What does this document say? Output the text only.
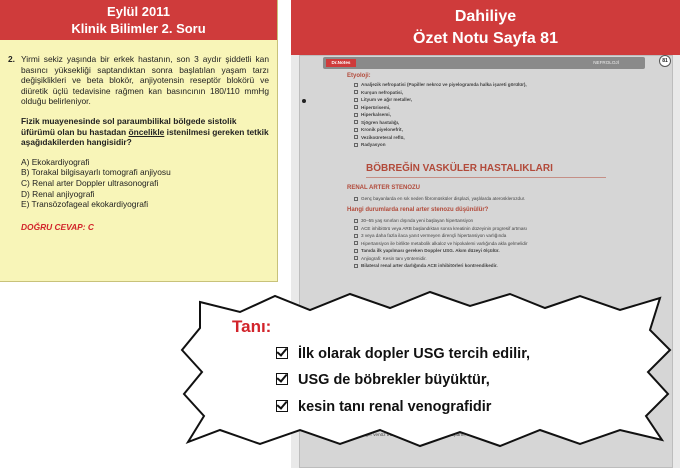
Eylül 2011
Klinik Bilimler 2. Soru
2. Yirmi sekiz yaşında bir erkek hastanın, son 3 aydır şiddetli kan basıncı yüksekliği saptandıktan sonra başlatılan yaşam tarzı değişiklikleri ve beta blokör, anjiyotensin reseptör blokörü ve diüretik üçlü tedavisine rağmen kan basıncının 180/110 mmHg olduğu belirleniyor.
Fizik muayenesinde sol paraumbilikal bölgede sistolik üfürümü olan bu hastadan öncelikle istenilmesi gereken tetkik aşağıdakilerden hangisidir?
A) Ekokardiyografi
B) Torakal bilgisayarlı tomografi anjiyosu
C) Renal arter Doppler ultrasonografi
D) Renal anjiyografi
E) Transözofageal ekokardiyografi
DOĞRU CEVAP: C
Dahiliye
Özet Notu Sayfa 81
Dr.Notes	NEFROLOJİ	81
Etyoloji:
Analjezik nefropatisi (Papiller nekroz ve piyelogramda halka işareti görülür),
Kurşun nefropatisi,
Lityum ve ağır metaller,
Hiperürisemi,
Hiperkalsemi,
Sjögren hastalığı,
Kronik piyelonefrit,
Vezikoüreteral reflü,
Radyasyon
BÖBREĞİN VASKÜLER HASTALIKLARI
RENAL ARTER STENOZU
Genç bayanlarda en sık neden fibromüsküler displazi, yaşlılarda aterosklerozdur.
Hangi durumlarda renal arter stenozu düşünülür?
30–55 yaş sınırları dışında yeni başlayan hipertansiyon
ACE inhibitörü veya ARB başlandıktan sonra kreatinin düzeyinin progresif artması
3 veya daha fazla ilaca yanıt vermeyen dirençli hipertansiyon varlığında
Hipertansiyon ile birlikte metabolik alkaloz ve hipokalemi varlığında akla gelmelidir
Tanıda ilk yapılması gereken Doppler USG. Akım düzeyi ölçülür.
Anjiografi: Kesin tanı yöntemidir.
Bilateral renal arter darlığında ACE inhibitörleri kontrendikedir.
Tanı:
İlk olarak dopler USG tercih edilir,
USG de böbrekler büyüktür,
kesin tanı renal venografidir
